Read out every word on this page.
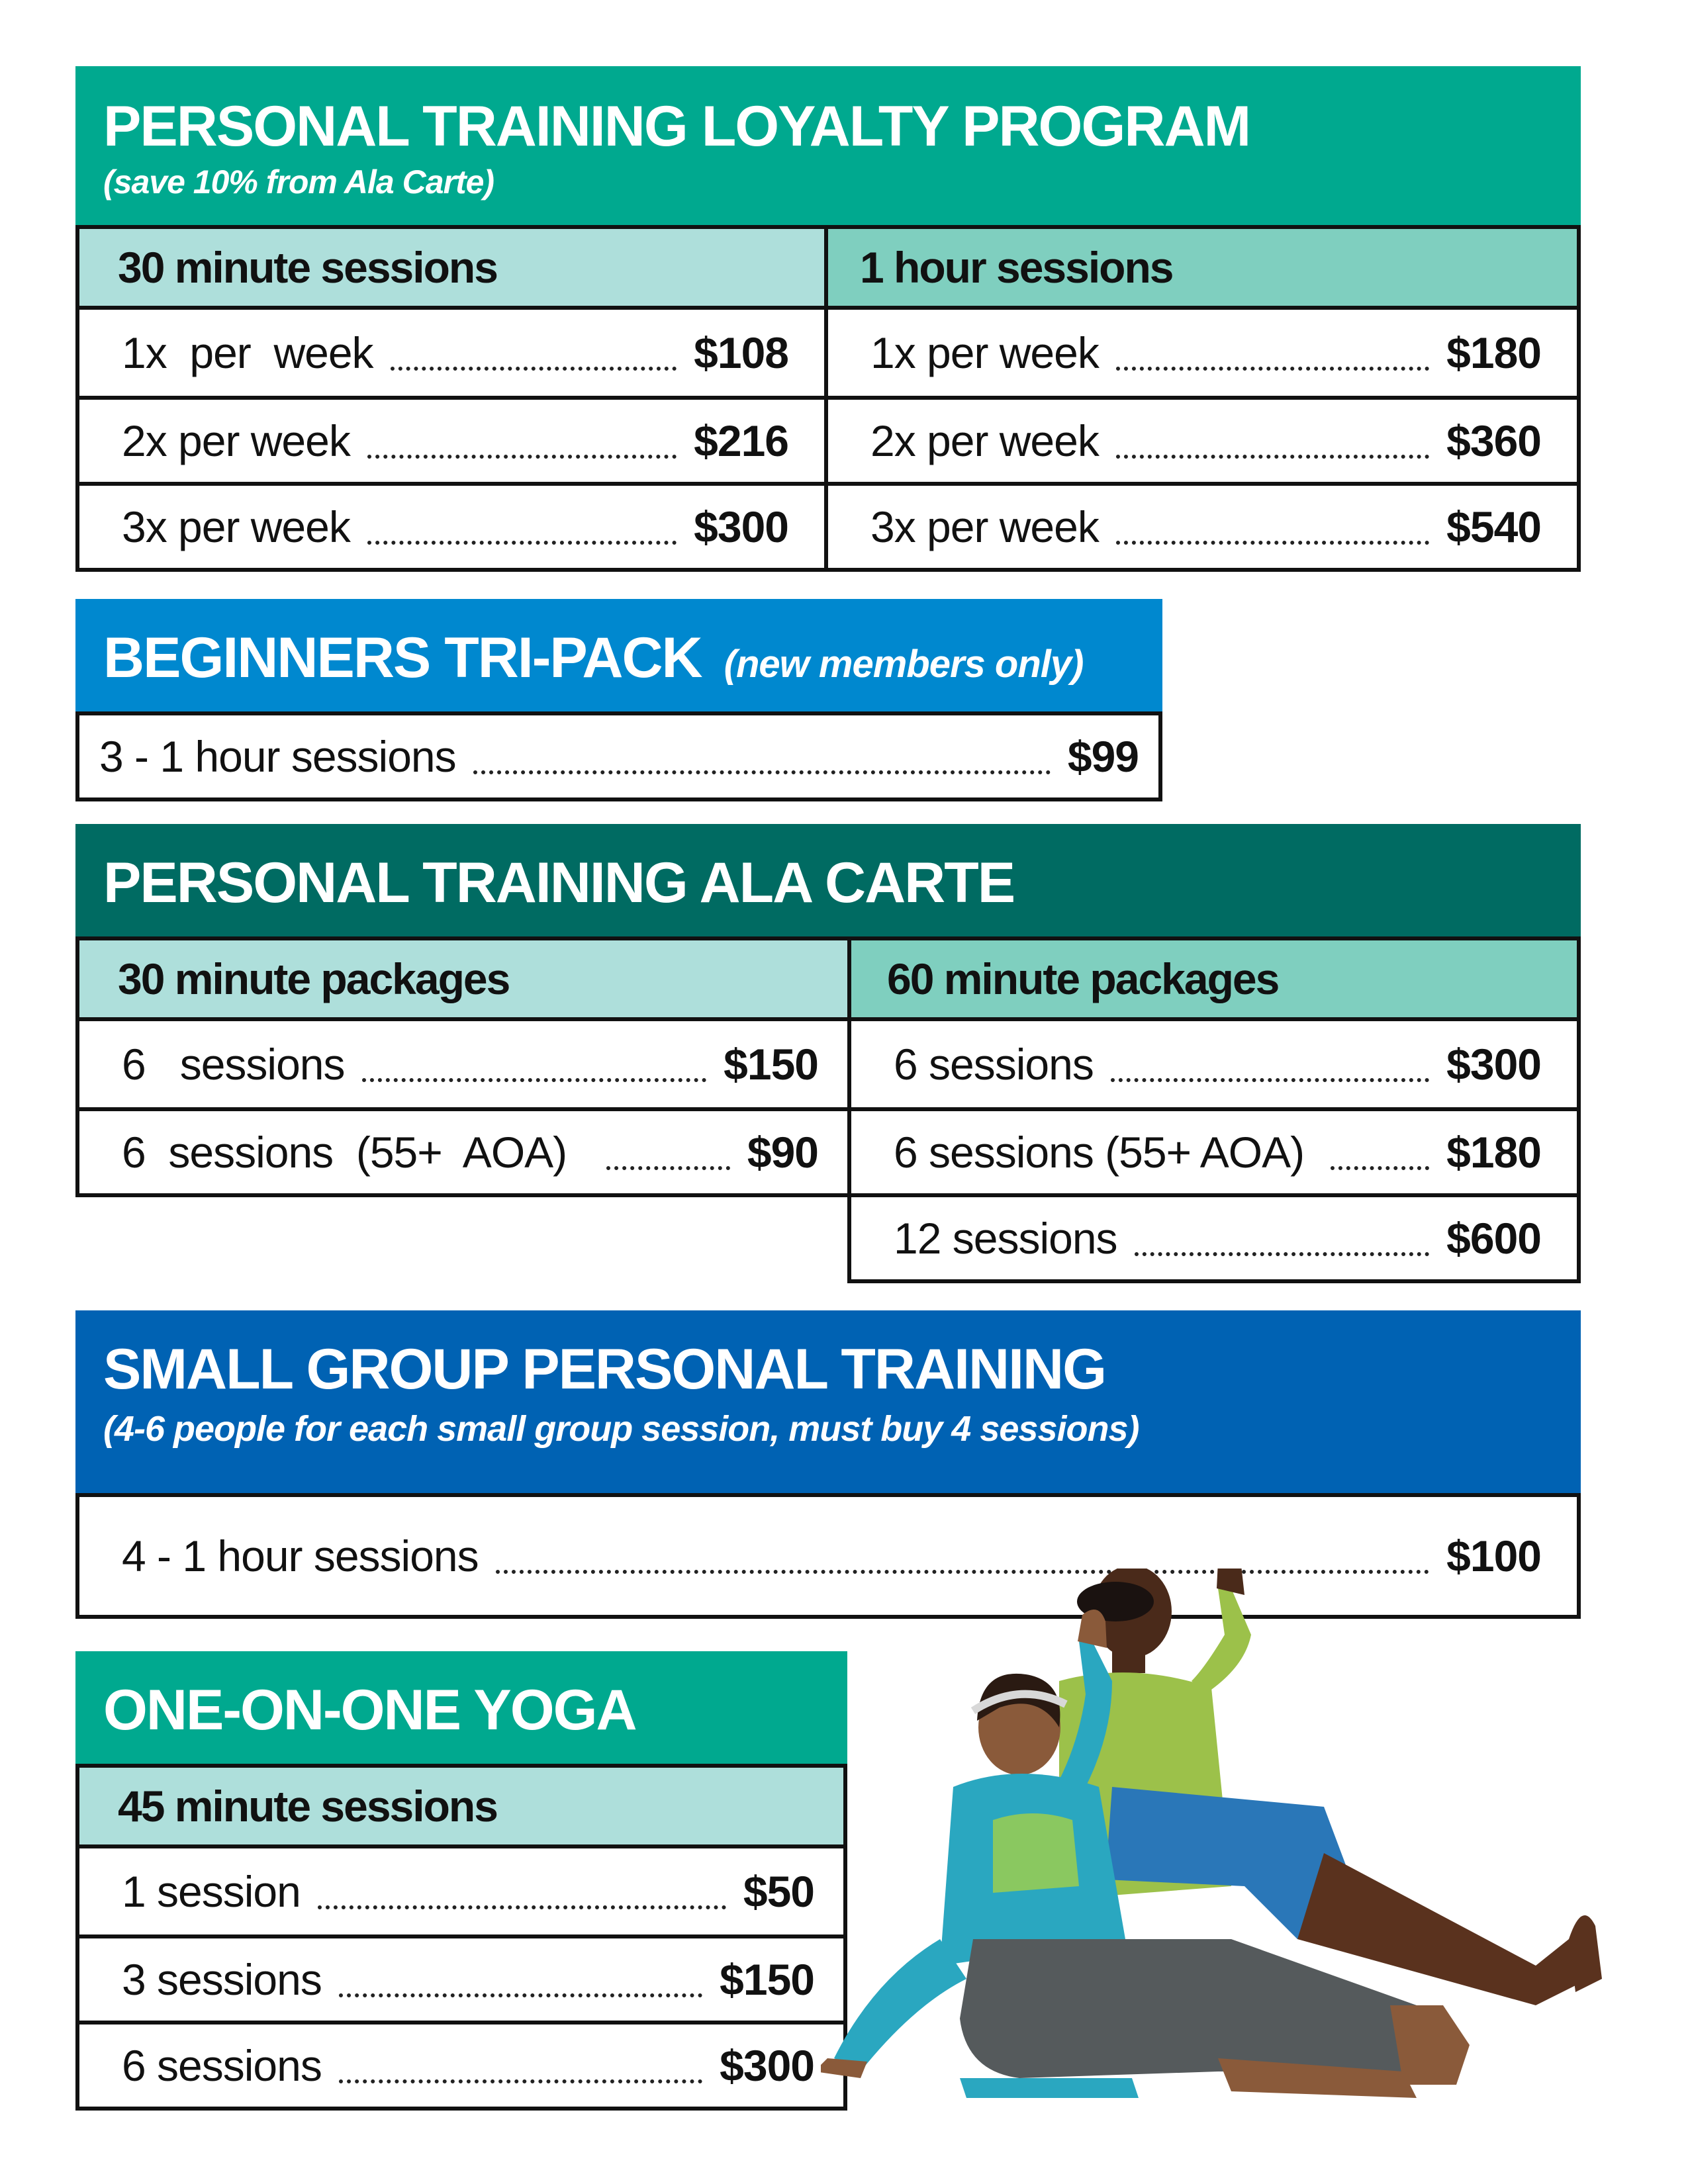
PERSONAL TRAINING LOYALTY PROGRAM
(save 10% from Ala Carte)
30 minute sessions
1x  per  week	$108
2x per week	$216
3x per week	$300
1 hour sessions
1x per week	$180
2x per week	$360
3x per week	$540
BEGINNERS TRI-PACK (new members only)
3 - 1 hour sessions	$99
PERSONAL TRAINING ALA CARTE
30 minute packages
6   sessions	$150
6  sessions  (55+  AOA)	$90
60 minute packages
6 sessions	$300
6 sessions (55+ AOA)	$180
12 sessions	$600
SMALL GROUP PERSONAL TRAINING
(4-6 people for each small group session, must buy 4 sessions)
4 - 1 hour sessions	$100
ONE-ON-ONE YOGA
45 minute sessions
1 session	$50
3 sessions	$150
6 sessions	$300
